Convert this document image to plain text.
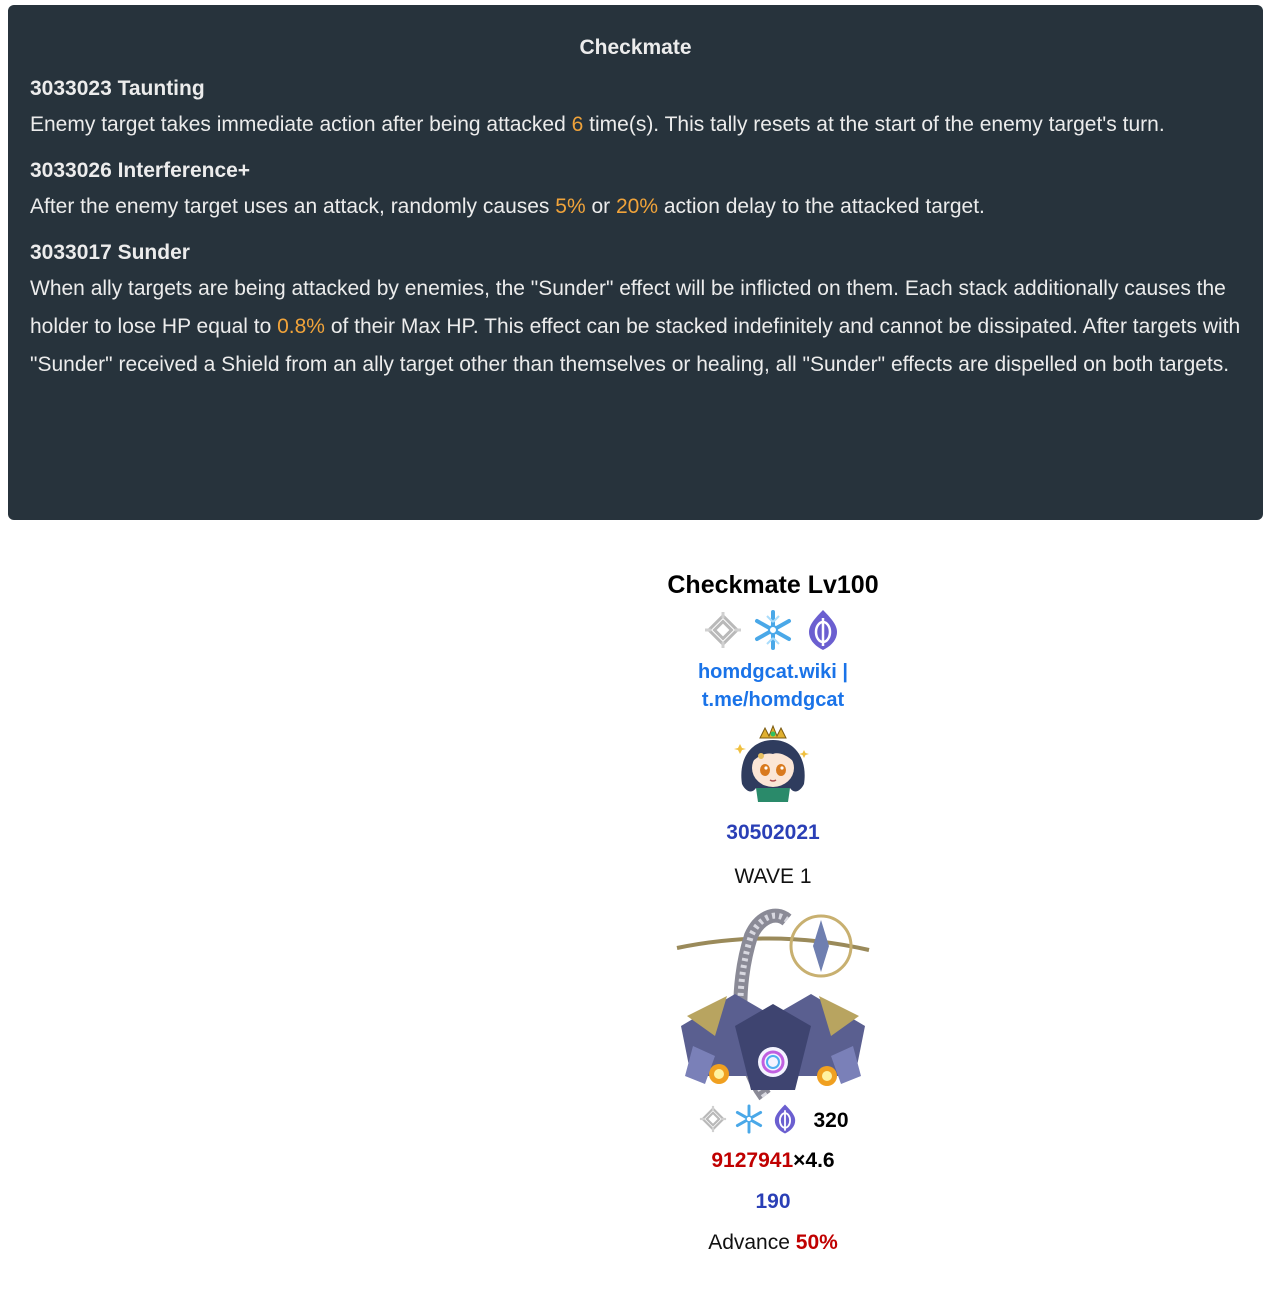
Checkmate
3033023 Taunting

Enemy target takes immediate action after being attacked 6 time(s). This tally resets at the start of the enemy target's turn.

3033026 Interference+

After the enemy target uses an attack, randomly causes 5% or 20% action delay to the attacked target.

3033017 Sunder

When ally targets are being attacked by enemies, the "Sunder" effect will be inflicted on them. Each stack additionally causes the holder to lose HP equal to 0.8% of their Max HP. This effect can be stacked indefinitely and cannot be dissipated. After targets with "Sunder" received a Shield from an ally target other than themselves or healing, all "Sunder" effects are dispelled on both targets.

Checkmate Lv100
homdgcat.wiki | t.me/homdgcat
30502021
WAVE 1
320
9127941×4.6
190
Advance 50%
